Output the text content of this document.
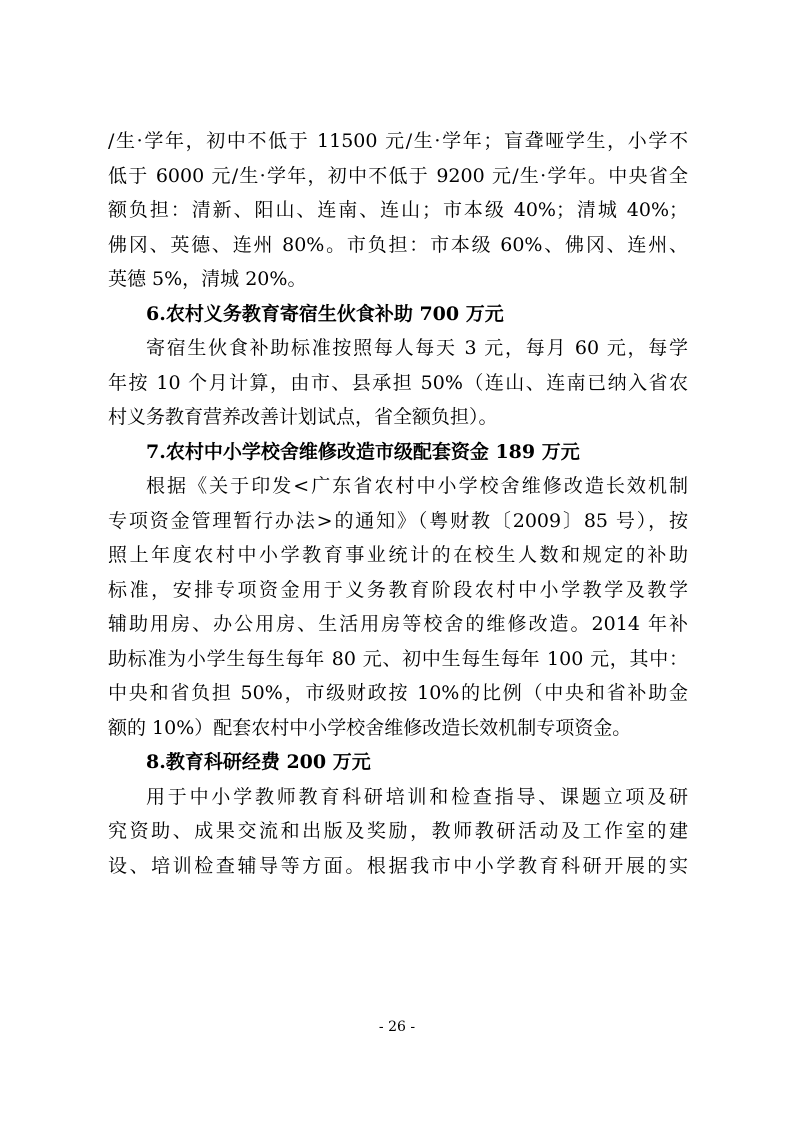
/生·学年，初中不低于 11500 元/生·学年；盲聋哑学生，小学不
低于 6000 元/生·学年，初中不低于 9200 元/生·学年。中央省全
额负担：清新、阳山、连南、连山；市本级 40%；清城 40%；
佛冈、英德、连州 80%。市负担：市本级 60%、佛冈、连州、
英德 5%，清城 20%。
6.农村义务教育寄宿生伙食补助 700 万元
寄宿生伙食补助标准按照每人每天 3 元，每月 60 元，每学
年按 10 个月计算，由市、县承担 50%（连山、连南已纳入省农
村义务教育营养改善计划试点，省全额负担）。
7.农村中小学校舍维修改造市级配套资金 189 万元
根据《关于印发<广东省农村中小学校舍维修改造长效机制
专项资金管理暂行办法>的通知》（粤财教〔2009〕85 号），按
照上年度农村中小学教育事业统计的在校生人数和规定的补助
标准，安排专项资金用于义务教育阶段农村中小学教学及教学
辅助用房、办公用房、生活用房等校舍的维修改造。2014 年补
助标准为小学生每生每年 80 元、初中生每生每年 100 元，其中：
中央和省负担 50%，市级财政按 10%的比例（中央和省补助金
额的 10%）配套农村中小学校舍维修改造长效机制专项资金。
8.教育科研经费 200 万元
用于中小学教师教育科研培训和检查指导、课题立项及研
究资助、成果交流和出版及奖励，教师教研活动及工作室的建
设、培训检查辅导等方面。根据我市中小学教育科研开展的实
- 26 -
